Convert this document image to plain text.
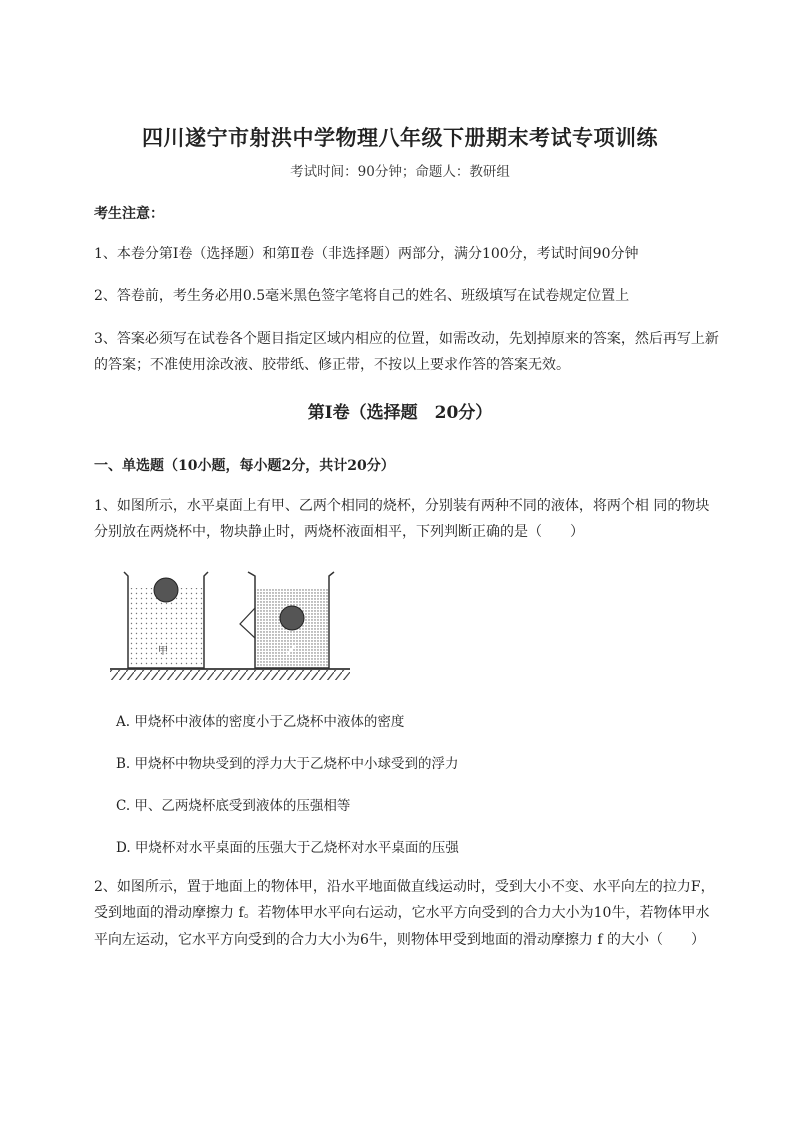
四川遂宁市射洪中学物理八年级下册期末考试专项训练
考试时间：90分钟；命题人：教研组
考生注意：
1、本卷分第Ⅰ卷（选择题）和第Ⅱ卷（非选择题）两部分，满分100分，考试时间90分钟
2、答卷前，考生务必用0.5毫米黑色签字笔将自己的姓名、班级填写在试卷规定位置上
3、答案必须写在试卷各个题目指定区域内相应的位置，如需改动，先划掉原来的答案，然后再写上新
的答案；不准使用涂改液、胶带纸、修正带，不按以上要求作答的答案无效。
第Ⅰ卷（选择题　20分）
一、单选题（10小题，每小题2分，共计20分）
1、如图所示，水平桌面上有甲、乙两个相同的烧杯，分别装有两种不同的液体，将两个相 同的物块
分别放在两烧杯中，物块静止时，两烧杯液面相平，下列判断正确的是（　　）
甲
A. 甲烧杯中液体的密度小于乙烧杯中液体的密度
B. 甲烧杯中物块受到的浮力大于乙烧杯中小球受到的浮力
C. 甲、乙两烧杯底受到液体的压强相等
D. 甲烧杯对水平桌面的压强大于乙烧杯对水平桌面的压强
2、如图所示，置于地面上的物体甲，沿水平地面做直线运动时，受到大小不变、水平向左的拉力F，
受到地面的滑动摩擦力 f。若物体甲水平向右运动，它水平方向受到的合力大小为10牛，若物体甲水
平向左运动，它水平方向受到的合力大小为6牛，则物体甲受到地面的滑动摩擦力 f 的大小（　　）
